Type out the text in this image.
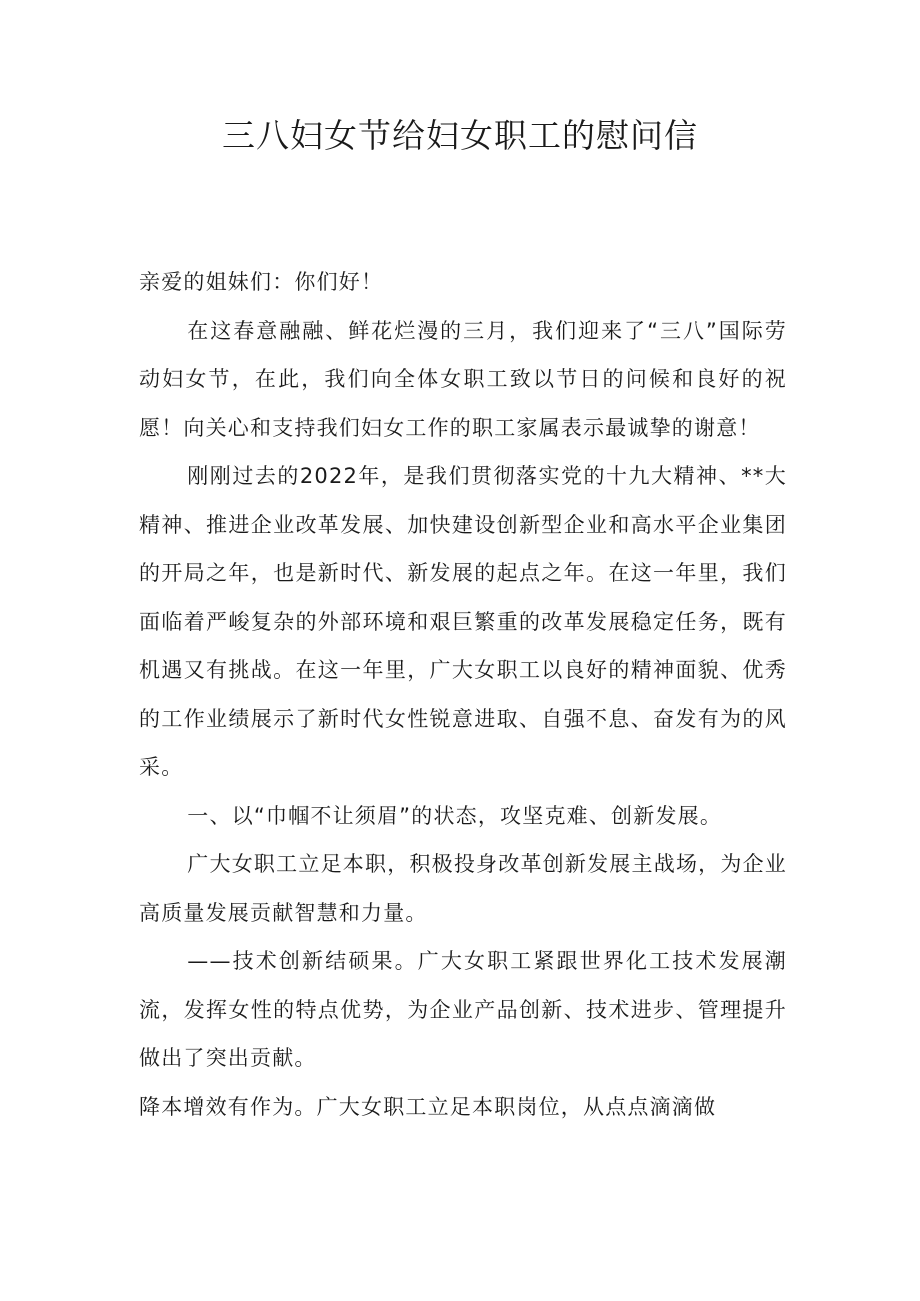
三八妇女节给妇女职工的慰问信

亲爱的姐妹们：你们好！

在这春意融融、鲜花烂漫的三月，我们迎来了“三八”国际劳动妇女节，在此，我们向全体女职工致以节日的问候和良好的祝愿！向关心和支持我们妇女工作的职工家属表示最诚挚的谢意！

刚刚过去的2022年，是我们贯彻落实党的十九大精神、**大精神、推进企业改革发展、加快建设创新型企业和高水平企业集团的开局之年，也是新时代、新发展的起点之年。在这一年里，我们面临着严峻复杂的外部环境和艰巨繁重的改革发展稳定任务，既有机遇又有挑战。在这一年里，广大女职工以良好的精神面貌、优秀的工作业绩展示了新时代女性锐意进取、自强不息、奋发有为的风采。

一、以“巾帼不让须眉”的状态，攻坚克难、创新发展。

广大女职工立足本职，积极投身改革创新发展主战场，为企业高质量发展贡献智慧和力量。

——技术创新结硕果。广大女职工紧跟世界化工技术发展潮流，发挥女性的特点优势，为企业产品创新、技术进步、管理提升做出了突出贡献。

降本增效有作为。广大女职工立足本职岗位，从点点滴滴做
